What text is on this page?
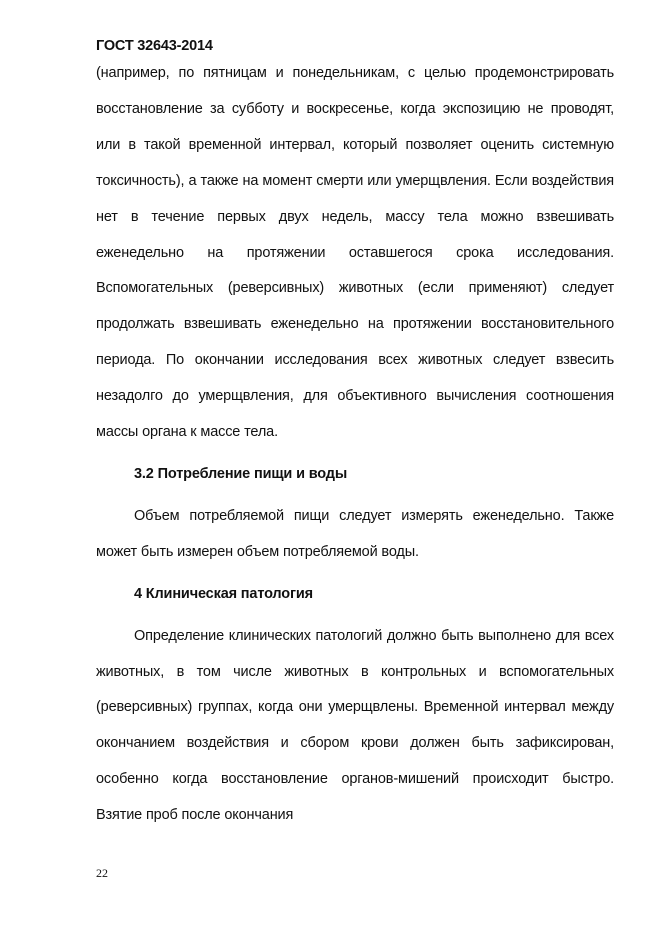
ГОСТ 32643-2014

(например, по пятницам и понедельникам, с целью продемонстрировать восстановление за субботу и воскресенье, когда экспозицию не проводят, или в такой временной интервал, который позволяет оценить системную токсичность), а также на момент смерти или умерщвления. Если воздействия нет в течение первых двух недель, массу тела можно взвешивать еженедельно на протяжении оставшегося срока исследования. Вспомогательных (реверсивных) животных (если применяют) следует продолжать взвешивать еженедельно на протяжении восстановительного периода. По окончании исследования всех животных следует взвесить незадолго до умерщвления, для объективного вычисления соотношения массы органа к массе тела.

3.2 Потребление пищи и воды

Объем потребляемой пищи следует измерять еженедельно. Также может быть измерен объем потребляемой воды.

4 Клиническая патология

Определение клинических патологий должно быть выполнено для всех животных, в том числе животных в контрольных и вспомогательных (реверсивных) группах, когда они умерщвлены. Временной интервал между окончанием воздействия и сбором крови должен быть зафиксирован, особенно когда восстановление органов-мишений происходит быстро. Взятие проб после окончания

22
